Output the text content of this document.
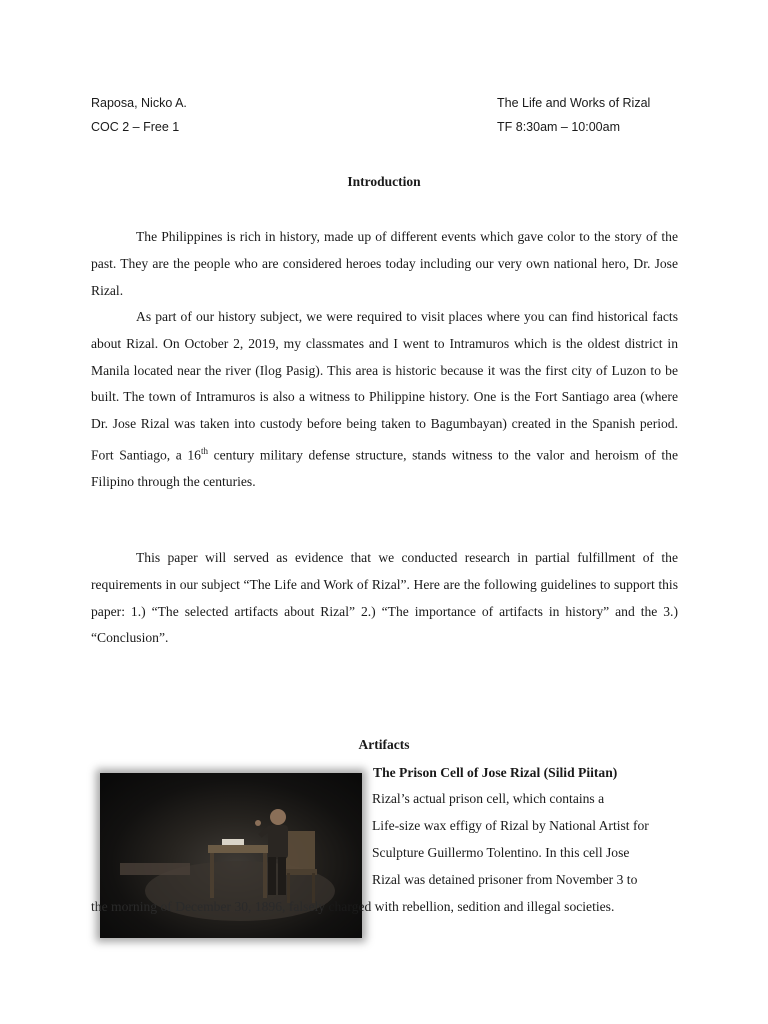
Raposa, Nicko A.
COC 2 – Free 1
The Life and Works of Rizal
TF 8:30am – 10:00am
Introduction
The Philippines is rich in history, made up of different events which gave color to the story of the past. They are the people who are considered heroes today including our very own national hero, Dr. Jose Rizal.
As part of our history subject, we were required to visit places where you can find historical facts about Rizal. On October 2, 2019, my classmates and I went to Intramuros which is the oldest district in Manila located near the river (Ilog Pasig). This area is historic because it was the first city of Luzon to be built. The town of Intramuros is also a witness to Philippine history. One is the Fort Santiago area (where Dr. Jose Rizal was taken into custody before being taken to Bagumbayan) created in the Spanish period. Fort Santiago, a 16th century military defense structure, stands witness to the valor and heroism of the Filipino through the centuries.
This paper will served as evidence that we conducted research in partial fulfillment of the requirements in our subject “The Life and Work of Rizal”. Here are the following guidelines to support this paper: 1.) “The selected artifacts about Rizal” 2.) “The importance of artifacts in history” and the 3.) “Conclusion”.
Artifacts
The Prison Cell of Jose Rizal (Silid Piitan)
Rizal’s actual prison cell, which contains a
Life-size wax effigy of Rizal by National Artist for
Sculpture Guillermo Tolentino. In this cell Jose
Rizal was detained prisoner from November 3 to
the morning of December 30, 1896, falsely charged with rebellion, sedition and illegal societies.
